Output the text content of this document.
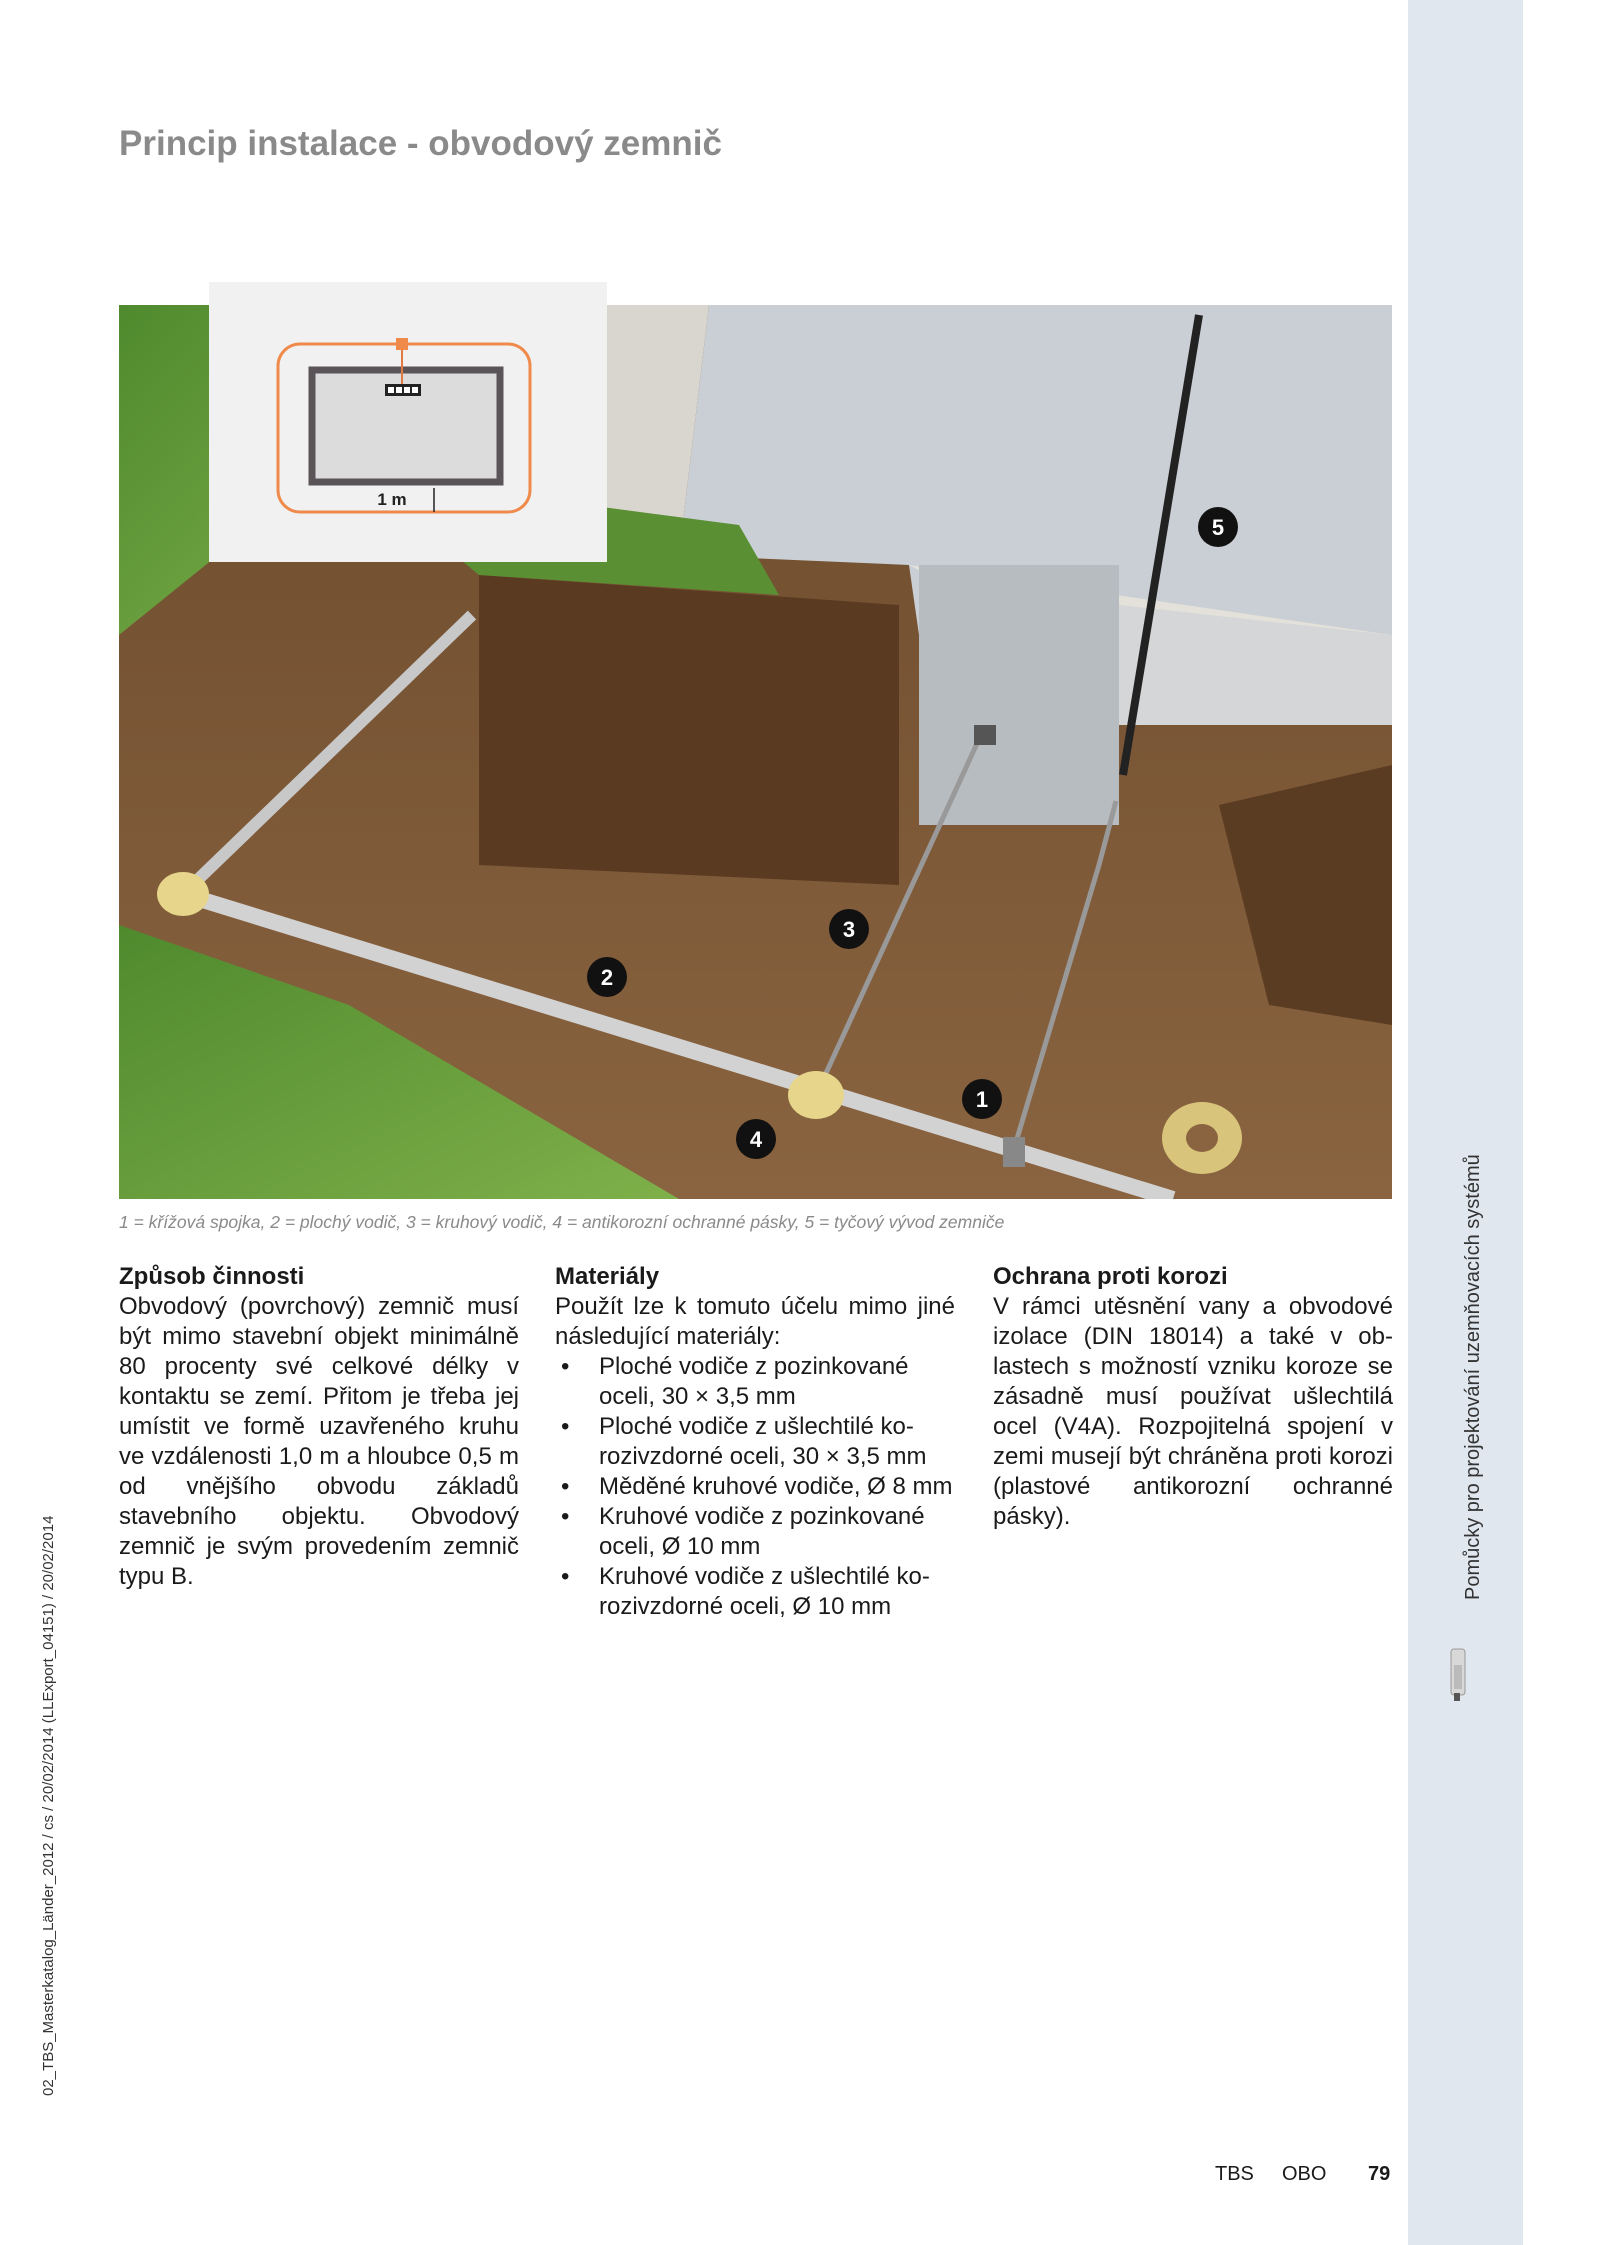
Princip instalace - obvodový zemnič
5
3
2
1
4
1 m
1 = křížová spojka, 2 = plochý vodič, 3 = kruhový vodič, 4 = antikorozní ochranné pásky, 5 = tyčový vývod zemniče
Způsob činnosti

Obvodový (povrchový) zemnič musí být mimo stavební objekt minimálně 80 procenty své celkové délky v kontaktu se zemí. Přitom je třeba jej umístit ve formě uzavřeného kruhu ve vzdálenosti 1,0 m a hloubce 0,5 m od vnějšího obvodu základů stavebního objektu. Obvodový zemnič je svým provedením zemnič typu B.

Materiály

Použít lze k tomuto účelu mimo jiné následující materiály:

• Ploché vodiče z pozinkované oceli, 30 × 3,5 mm
• Ploché vodiče z ušlechtilé korozivzdorné oceli, 30 × 3,5 mm
• Měděné kruhové vodiče, Ø 8 mm
• Kruhové vodiče z pozinkované oceli, Ø 10 mm
• Kruhové vodiče z ušlechtilé korozivzdorné oceli, Ø 10 mm
Ochrana proti korozi

V rámci utěsnění vany a obvodové izolace (DIN 18014) a také v oblastech s možností vzniku koroze se zásadně musí používat ušlechtilá ocel (V4A). Rozpojitelná spojení v zemi musejí být chráněna proti korozi (plastové antikorozní ochranné pásky).	Pomůcky pro projektování uzemňovacích systémů
02_TBS_Masterkatalog_Länder_2012 / cs / 20/02/2014 (LLExport_04151) / 20/02/2014
TBS OBO 79
